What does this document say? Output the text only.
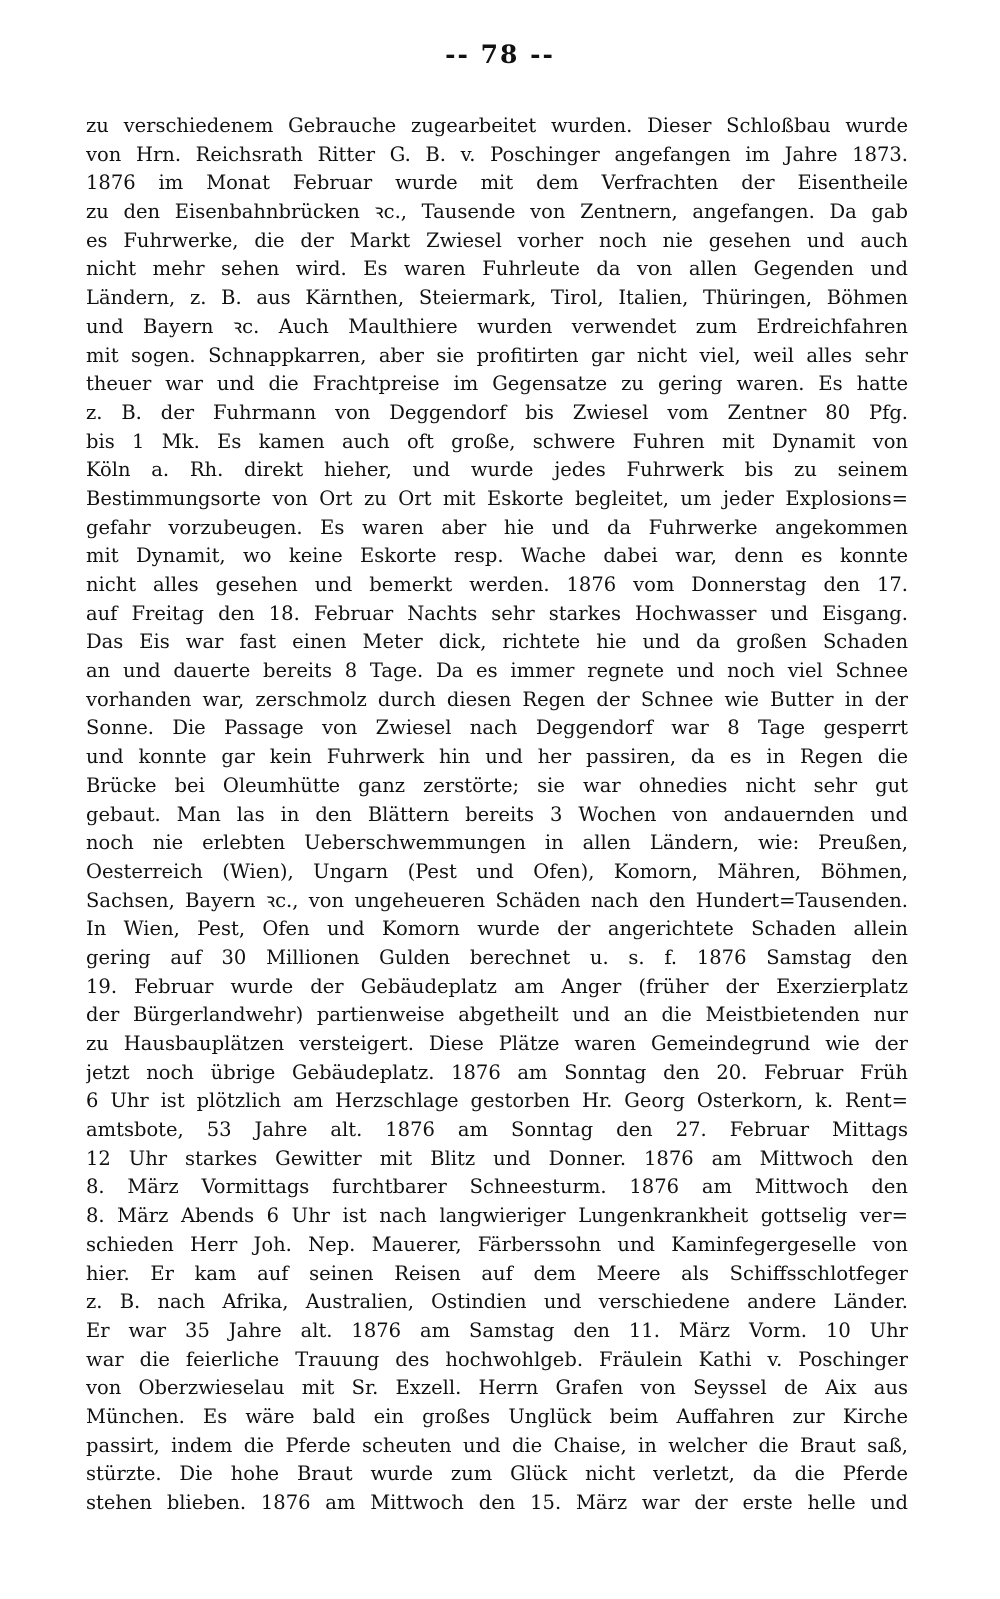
-- 78 --
zu verschiedenem Gebrauche zugearbeitet wurden. Dieser Schloßbau wurde
von Hrn. Reichsrath Ritter G. B. v. Poschinger angefangen im Jahre 1873.
1876 im Monat Februar wurde mit dem Verfrachten der Eisentheile
zu den Eisenbahnbrücken ꝛc., Tausende von Zentnern, angefangen. Da gab
es Fuhrwerke, die der Markt Zwiesel vorher noch nie gesehen und auch
nicht mehr sehen wird. Es waren Fuhrleute da von allen Gegenden und
Ländern, z. B. aus Kärnthen, Steiermark, Tirol, Italien, Thüringen, Böhmen
und Bayern ꝛc. Auch Maulthiere wurden verwendet zum Erdreichfahren
mit sogen. Schnappkarren, aber sie profitirten gar nicht viel, weil alles sehr
theuer war und die Frachtpreise im Gegensatze zu gering waren. Es hatte
z. B. der Fuhrmann von Deggendorf bis Zwiesel vom Zentner 80 Pfg.
bis 1 Mk. Es kamen auch oft große, schwere Fuhren mit Dynamit von
Köln a. Rh. direkt hieher, und wurde jedes Fuhrwerk bis zu seinem
Bestimmungsorte von Ort zu Ort mit Eskorte begleitet, um jeder Explosions=
gefahr vorzubeugen. Es waren aber hie und da Fuhrwerke angekommen
mit Dynamit, wo keine Eskorte resp. Wache dabei war, denn es konnte
nicht alles gesehen und bemerkt werden. 1876 vom Donnerstag den 17.
auf Freitag den 18. Februar Nachts sehr starkes Hochwasser und Eisgang.
Das Eis war fast einen Meter dick, richtete hie und da großen Schaden
an und dauerte bereits 8 Tage. Da es immer regnete und noch viel Schnee
vorhanden war, zerschmolz durch diesen Regen der Schnee wie Butter in der
Sonne. Die Passage von Zwiesel nach Deggendorf war 8 Tage gesperrt
und konnte gar kein Fuhrwerk hin und her passiren, da es in Regen die
Brücke bei Oleumhütte ganz zerstörte; sie war ohnedies nicht sehr gut
gebaut. Man las in den Blättern bereits 3 Wochen von andauernden und
noch nie erlebten Ueberschwemmungen in allen Ländern, wie: Preußen,
Oesterreich (Wien), Ungarn (Pest und Ofen), Komorn, Mähren, Böhmen,
Sachsen, Bayern ꝛc., von ungeheueren Schäden nach den Hundert=Tausenden.
In Wien, Pest, Ofen und Komorn wurde der angerichtete Schaden allein
gering auf 30 Millionen Gulden berechnet u. s. f. 1876 Samstag den
19. Februar wurde der Gebäudeplatz am Anger (früher der Exerzierplatz
der Bürgerlandwehr) partienweise abgetheilt und an die Meistbietenden nur
zu Hausbauplätzen versteigert. Diese Plätze waren Gemeindegrund wie der
jetzt noch übrige Gebäudeplatz. 1876 am Sonntag den 20. Februar Früh
6 Uhr ist plötzlich am Herzschlage gestorben Hr. Georg Osterkorn, k. Rent=
amtsbote, 53 Jahre alt. 1876 am Sonntag den 27. Februar Mittags
12 Uhr starkes Gewitter mit Blitz und Donner. 1876 am Mittwoch den
8. März Vormittags furchtbarer Schneesturm. 1876 am Mittwoch den
8. März Abends 6 Uhr ist nach langwieriger Lungenkrankheit gottselig ver=
schieden Herr Joh. Nep. Mauerer, Färberssohn und Kaminfegergeselle von
hier. Er kam auf seinen Reisen auf dem Meere als Schiffsschlotfeger
z. B. nach Afrika, Australien, Ostindien und verschiedene andere Länder.
Er war 35 Jahre alt. 1876 am Samstag den 11. März Vorm. 10 Uhr
war die feierliche Trauung des hochwohlgeb. Fräulein Kathi v. Poschinger
von Oberzwieselau mit Sr. Exzell. Herrn Grafen von Seyssel de Aix aus
München. Es wäre bald ein großes Unglück beim Auffahren zur Kirche
passirt, indem die Pferde scheuten und die Chaise, in welcher die Braut saß,
stürzte. Die hohe Braut wurde zum Glück nicht verletzt, da die Pferde
stehen blieben. 1876 am Mittwoch den 15. März war der erste helle und
